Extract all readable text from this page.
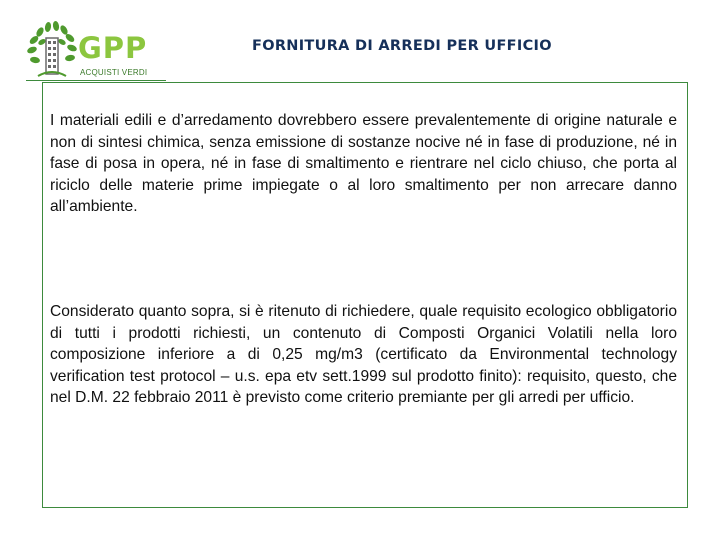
GPP
ACQUISTI VERDI
FORNITURA DI ARREDI PER UFFICIO

I materiali edili e d’arredamento dovrebbero essere prevalentemente di origine naturale e non di sintesi chimica, senza emissione di sostanze nocive né in fase di produzione, né in fase di posa in opera, né in fase di smaltimento e rientrare nel ciclo chiuso, che porta al riciclo delle materie prime impiegate o al loro smaltimento per non arrecare danno all’ambiente.

Considerato quanto sopra, si è ritenuto di richiedere, quale requisito ecologico obbligatorio di tutti i prodotti richiesti, un contenuto di Composti Organici Volatili nella loro composizione inferiore a di 0,25 mg/m3 (certificato da Environmental technology verification test protocol – u.s. epa etv sett.1999 sul prodotto finito): requisito, questo, che nel D.M. 22 febbraio 2011 è previsto come criterio premiante per gli arredi per ufficio.
